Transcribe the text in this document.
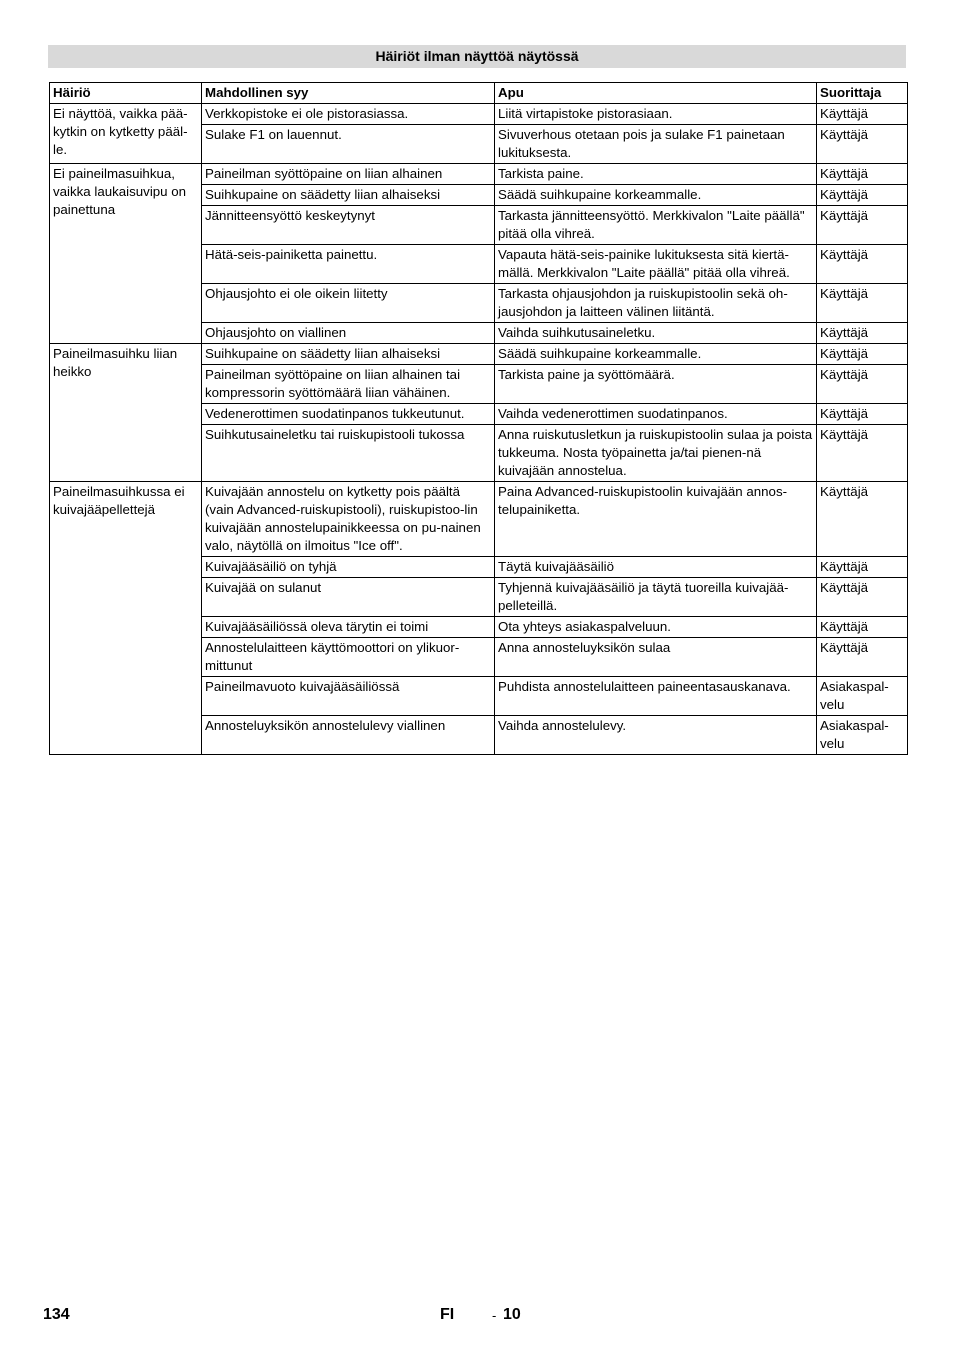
Häiriöt ilman näyttöä näytössä
Häiriö	Mahdollinen syy	Apu	Suorittaja
Ei näyttöä, vaikka pää-kytkin on kytketty pääl-le.	Verkkopistoke ei ole pistorasiassa.	Liitä virtapistoke pistorasiaan.	Käyttäjä
	Sulake F1 on lauennut.	Sivuverhous otetaan pois ja sulake F1 painetaan lukituksesta.	Käyttäjä
Ei paineilmasuihkua, vaikka laukaisuvipu on painettuna	Paineilman syöttöpaine on liian alhainen	Tarkista paine.	Käyttäjä
	Suihkupaine on säädetty liian alhaiseksi	Säädä suihkupaine korkeammalle.	Käyttäjä
	Jännitteensyöttö keskeytynyt	Tarkasta jännitteensyöttö. Merkkivalon "Laite päällä" pitää olla vihreä.	Käyttäjä
	Hätä-seis-painiketta painettu.	Vapauta hätä-seis-painike lukituksesta sitä kiertä-mällä. Merkkivalon "Laite päällä" pitää olla vihreä.	Käyttäjä
	Ohjausjohto ei ole oikein liitetty	Tarkasta ohjausjohdon ja ruiskupistoolin sekä oh-jausjohdon ja laitteen välinen liitäntä.	Käyttäjä
	Ohjausjohto on viallinen	Vaihda suihkutusaineletku.	Käyttäjä
Paineilmasuihku liian heikko	Suihkupaine on säädetty liian alhaiseksi	Säädä suihkupaine korkeammalle.	Käyttäjä
	Paineilman syöttöpaine on liian alhainen tai kompressorin syöttömäärä liian vähäinen.	Tarkista paine ja syöttömäärä.	Käyttäjä
	Vedenerottimen suodatinpanos tukkeutunut.	Vaihda vedenerottimen suodatinpanos.	Käyttäjä
	Suihkutusaineletku tai ruiskupistooli tukossa	Anna ruiskutusletkun ja ruiskupistoolin sulaa ja poista tukkeuma. Nosta työpainetta ja/tai pienen-nä kuivajään annostelua.	Käyttäjä
Paineilmasuihkussa ei kuivajääpellettejä	Kuivajään annostelu on kytketty pois päältä (vain Advanced-ruiskupistooli), ruiskupistoo-lin kuivajään annostelupainikkeessa on pu-nainen valo, näytöllä on ilmoitus "Ice off".	Paina Advanced-ruiskupistoolin kuivajään annos-telupainiketta.	Käyttäjä
	Kuivajääsäiliö on tyhjä	Täytä kuivajääsäiliö	Käyttäjä
	Kuivajää on sulanut	Tyhjennä kuivajääsäiliö ja täytä tuoreilla kuivajää-pelleteillä.	Käyttäjä
	Kuivajääsäiliössä oleva tärytin ei toimi	Ota yhteys asiakaspalveluun.	Käyttäjä
	Annostelulaitteen käyttömoottori on ylikuor-mittunut	Anna annosteluyksikön sulaa	Käyttäjä
	Paineilmavuoto kuivajääsäiliössä	Puhdista annostelulaitteen paineentasauskanava.	Asiakaspal-velu
	Annosteluyksikön annostelulevy viallinen	Vaihda annostelulevy.	Asiakaspal-velu
134	FI	- 10
